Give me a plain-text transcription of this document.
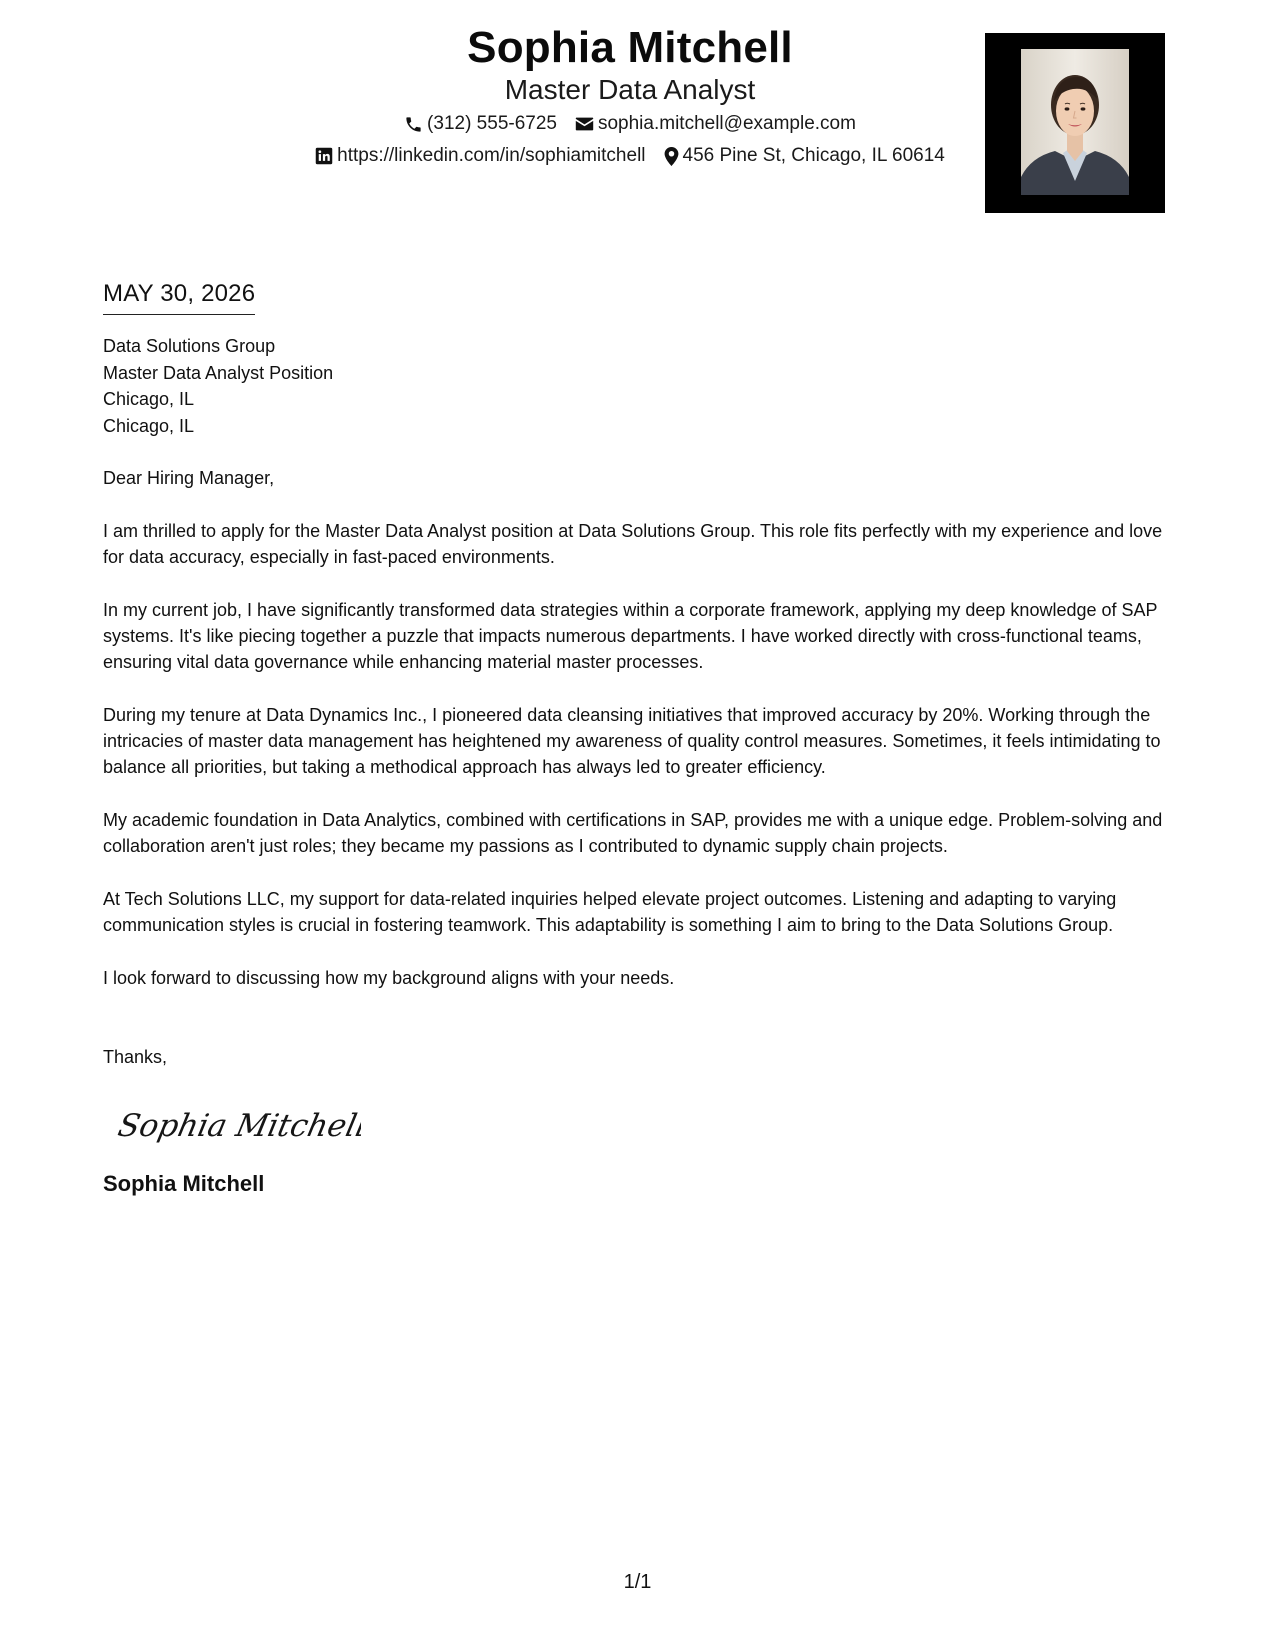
Sophia Mitchell
Master Data Analyst
(312) 555-6725 sophia.mitchell@example.com
https://linkedin.com/in/sophiamitchell 456 Pine St, Chicago, IL 60614
MAY 30, 2026
Data Solutions Group
Master Data Analyst Position
Chicago, IL
Chicago, IL
Dear Hiring Manager,
I am thrilled to apply for the Master Data Analyst position at Data Solutions Group. This role fits perfectly with my experience and love for data accuracy, especially in fast-paced environments.
In my current job, I have significantly transformed data strategies within a corporate framework, applying my deep knowledge of SAP systems. It's like piecing together a puzzle that impacts numerous departments. I have worked directly with cross-functional teams, ensuring vital data governance while enhancing material master processes.
During my tenure at Data Dynamics Inc., I pioneered data cleansing initiatives that improved accuracy by 20%. Working through the intricacies of master data management has heightened my awareness of quality control measures. Sometimes, it feels intimidating to balance all priorities, but taking a methodical approach has always led to greater efficiency.
My academic foundation in Data Analytics, combined with certifications in SAP, provides me with a unique edge. Problem-solving and collaboration aren't just roles; they became my passions as I contributed to dynamic supply chain projects.
At Tech Solutions LLC, my support for data-related inquiries helped elevate project outcomes. Listening and adapting to varying communication styles is crucial in fostering teamwork. This adaptability is something I aim to bring to the Data Solutions Group.
I look forward to discussing how my background aligns with your needs.
Thanks,
Sophia Mitchell
Sophia Mitchell
1/1
